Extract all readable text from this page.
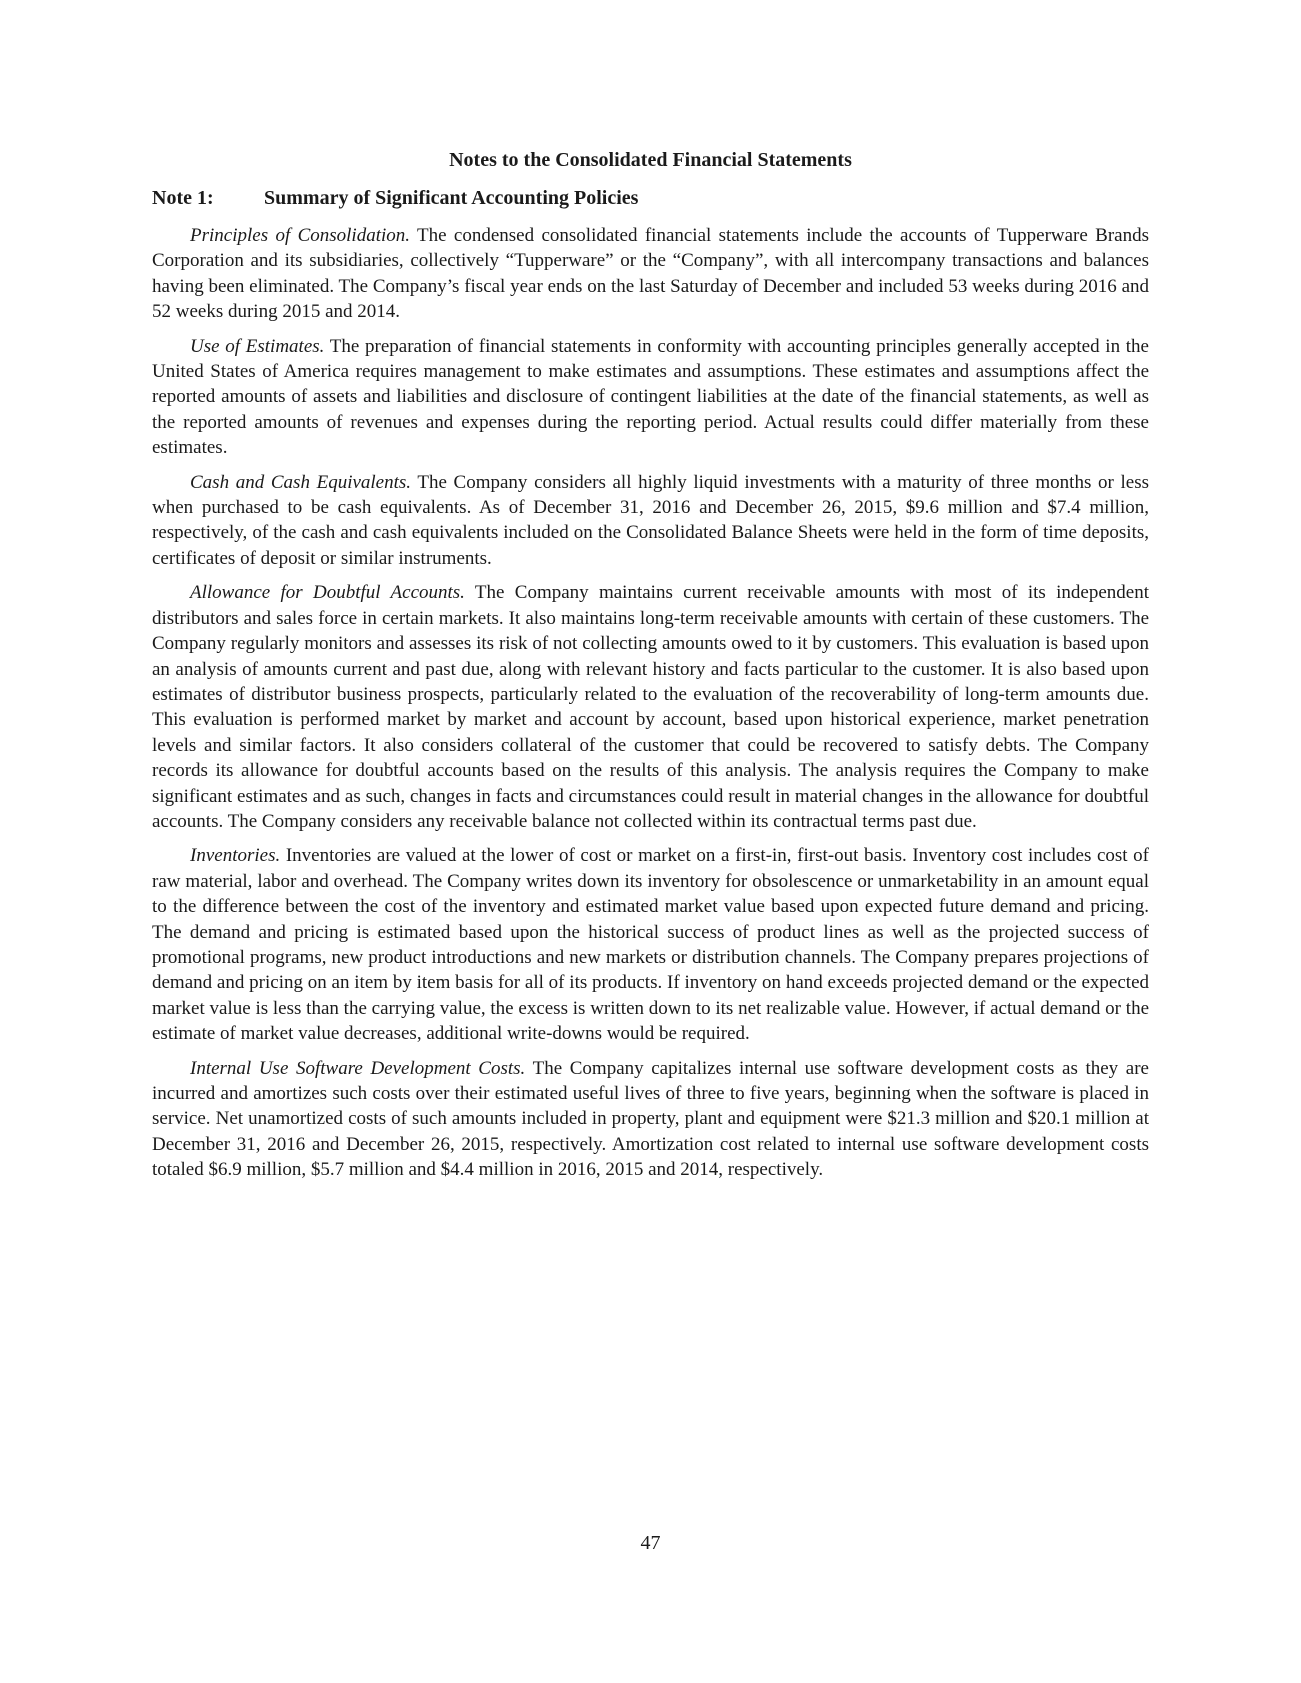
Notes to the Consolidated Financial Statements
Note 1:	Summary of Significant Accounting Policies

Principles of Consolidation. The condensed consolidated financial statements include the accounts of Tupperware Brands Corporation and its subsidiaries, collectively “Tupperware” or the “Company”, with all intercompany transactions and balances having been eliminated. The Company’s fiscal year ends on the last Saturday of December and included 53 weeks during 2016 and 52 weeks during 2015 and 2014.

Use of Estimates. The preparation of financial statements in conformity with accounting principles generally accepted in the United States of America requires management to make estimates and assumptions. These estimates and assumptions affect the reported amounts of assets and liabilities and disclosure of contingent liabilities at the date of the financial statements, as well as the reported amounts of revenues and expenses during the reporting period. Actual results could differ materially from these estimates.

Cash and Cash Equivalents. The Company considers all highly liquid investments with a maturity of three months or less when purchased to be cash equivalents. As of December 31, 2016 and December 26, 2015, $9.6 million and $7.4 million, respectively, of the cash and cash equivalents included on the Consolidated Balance Sheets were held in the form of time deposits, certificates of deposit or similar instruments.

Allowance for Doubtful Accounts. The Company maintains current receivable amounts with most of its independent distributors and sales force in certain markets. It also maintains long-term receivable amounts with certain of these customers. The Company regularly monitors and assesses its risk of not collecting amounts owed to it by customers. This evaluation is based upon an analysis of amounts current and past due, along with relevant history and facts particular to the customer. It is also based upon estimates of distributor business prospects, particularly related to the evaluation of the recoverability of long-term amounts due. This evaluation is performed market by market and account by account, based upon historical experience, market penetration levels and similar factors. It also considers collateral of the customer that could be recovered to satisfy debts. The Company records its allowance for doubtful accounts based on the results of this analysis. The analysis requires the Company to make significant estimates and as such, changes in facts and circumstances could result in material changes in the allowance for doubtful accounts. The Company considers any receivable balance not collected within its contractual terms past due.

Inventories. Inventories are valued at the lower of cost or market on a first-in, first-out basis. Inventory cost includes cost of raw material, labor and overhead. The Company writes down its inventory for obsolescence or unmarketability in an amount equal to the difference between the cost of the inventory and estimated market value based upon expected future demand and pricing. The demand and pricing is estimated based upon the historical success of product lines as well as the projected success of promotional programs, new product introductions and new markets or distribution channels. The Company prepares projections of demand and pricing on an item by item basis for all of its products. If inventory on hand exceeds projected demand or the expected market value is less than the carrying value, the excess is written down to its net realizable value. However, if actual demand or the estimate of market value decreases, additional write-downs would be required.

Internal Use Software Development Costs. The Company capitalizes internal use software development costs as they are incurred and amortizes such costs over their estimated useful lives of three to five years, beginning when the software is placed in service. Net unamortized costs of such amounts included in property, plant and equipment were $21.3 million and $20.1 million at December 31, 2016 and December 26, 2015, respectively. Amortization cost related to internal use software development costs totaled $6.9 million, $5.7 million and $4.4 million in 2016, 2015 and 2014, respectively.

47
